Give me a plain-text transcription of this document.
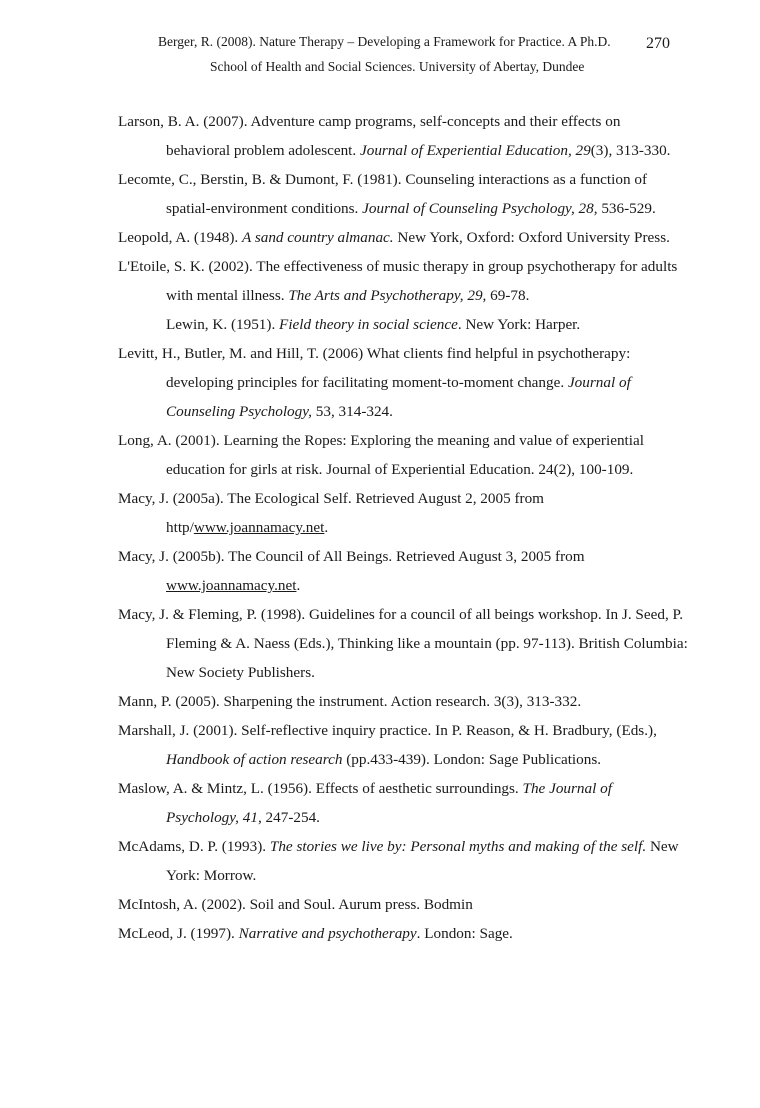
Berger, R. (2008). Nature Therapy – Developing a Framework for Practice. A Ph.D. 270
School of Health and Social Sciences. University of Abertay, Dundee

Larson, B. A. (2007). Adventure camp programs, self-concepts and their effects on behavioral problem adolescent. Journal of Experiential Education, 29(3), 313-330.

Lecomte, C., Berstin, B. & Dumont, F. (1981). Counseling interactions as a function of spatial-environment conditions. Journal of Counseling Psychology, 28, 536-529.

Leopold, A. (1948). A sand country almanac. New York, Oxford: Oxford University Press.

L'Etoile, S. K. (2002). The effectiveness of music therapy in group psychotherapy for adults with mental illness. The Arts and Psychotherapy, 29, 69-78.

Lewin, K. (1951). Field theory in social science. New York: Harper.

Levitt, H., Butler, M. and Hill, T. (2006) What clients find helpful in psychotherapy: developing principles for facilitating moment-to-moment change. Journal of Counseling Psychology, 53, 314-324.

Long, A. (2001). Learning the Ropes: Exploring the meaning and value of experiential education for girls at risk. Journal of Experiential Education. 24(2), 100-109.

Macy, J. (2005a). The Ecological Self. Retrieved August 2, 2005 from http/www.joannamacy.net.

Macy, J. (2005b). The Council of All Beings. Retrieved August 3, 2005 from www.joannamacy.net.

Macy, J. & Fleming, P. (1998). Guidelines for a council of all beings workshop. In J. Seed, P. Fleming & A. Naess (Eds.), Thinking like a mountain (pp. 97-113). British Columbia: New Society Publishers.

Mann, P. (2005). Sharpening the instrument. Action research. 3(3), 313-332.

Marshall, J. (2001). Self-reflective inquiry practice. In P. Reason, & H. Bradbury, (Eds.), Handbook of action research (pp.433-439). London: Sage Publications.

Maslow, A. & Mintz, L. (1956). Effects of aesthetic surroundings. The Journal of Psychology, 41, 247-254.

McAdams, D. P. (1993). The stories we live by: Personal myths and making of the self. New York: Morrow.

McIntosh, A. (2002). Soil and Soul. Aurum press. Bodmin

McLeod, J. (1997). Narrative and psychotherapy. London: Sage.
